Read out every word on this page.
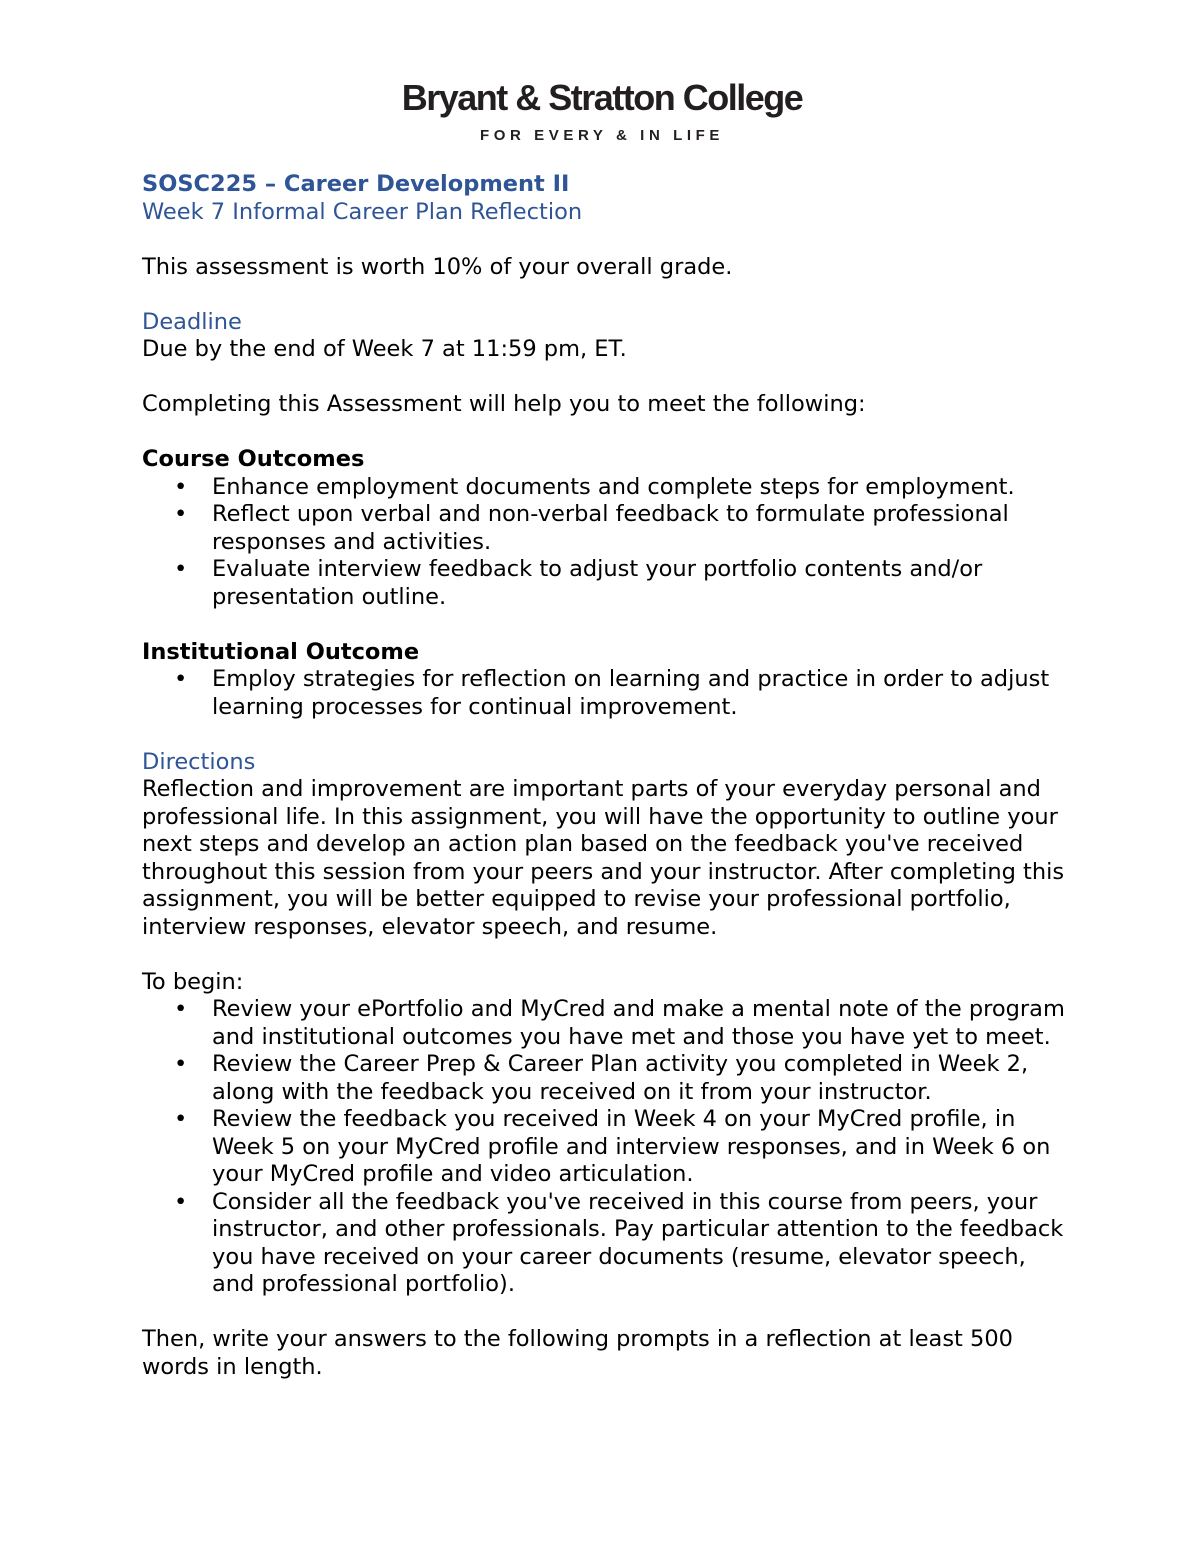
Bryant & Stratton College
FOR EVERY & IN LIFE

SOSC225 – Career Development II

Week 7 Informal Career Plan Reflection

This assessment is worth 10% of your overall grade.

Deadline

Due by the end of Week 7 at 11:59 pm, ET.

Completing this Assessment will help you to meet the following:

Course Outcomes

• Enhance employment documents and complete steps for employment.
• Reflect upon verbal and non-verbal feedback to formulate professional responses and activities.
• Evaluate interview feedback to adjust your portfolio contents and/or presentation outline.

Institutional Outcome

• Employ strategies for reflection on learning and practice in order to adjust learning processes for continual improvement.

Directions

Reflection and improvement are important parts of your everyday personal and professional life. In this assignment, you will have the opportunity to outline your next steps and develop an action plan based on the feedback you've received throughout this session from your peers and your instructor. After completing this assignment, you will be better equipped to revise your professional portfolio, interview responses, elevator speech, and resume.

To begin:

• Review your ePortfolio and MyCred and make a mental note of the program and institutional outcomes you have met and those you have yet to meet.
• Review the Career Prep & Career Plan activity you completed in Week 2, along with the feedback you received on it from your instructor.
• Review the feedback you received in Week 4 on your MyCred profile, in Week 5 on your MyCred profile and interview responses, and in Week 6 on your MyCred profile and video articulation.
• Consider all the feedback you've received in this course from peers, your instructor, and other professionals. Pay particular attention to the feedback you have received on your career documents (resume, elevator speech, and professional portfolio).

Then, write your answers to the following prompts in a reflection at least 500 words in length.
